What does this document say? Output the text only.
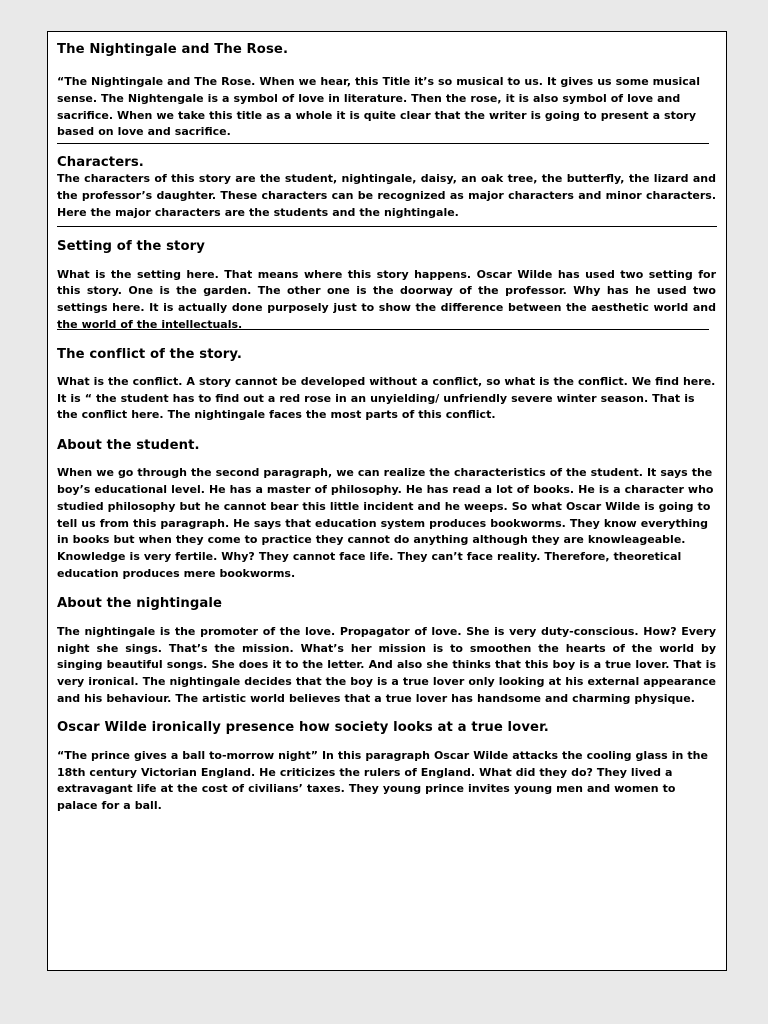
The Nightingale and The Rose.

“The Nightingale and The Rose. When we hear, this Title it’s so musical to us. It gives us some musical sense. The Nightengale is a symbol of love in literature. Then the rose, it is also symbol of love and sacrifice. When we take this title as a whole it is quite clear that the writer is going to present a story based on love and sacrifice.

Characters.

The characters of this story are the student, nightingale, daisy, an oak tree, the butterfly, the lizard and the professor’s daughter. These characters can be recognized as major characters and minor characters. Here the major characters are the students and the nightingale.

Setting of the story

What is the setting here. That means where this story happens. Oscar Wilde has used two setting for this story. One is the garden. The other one is the doorway of the professor. Why has he used two settings here. It is actually done purposely just to show the difference between the aesthetic world and the world of the intellectuals.

The conflict of the story.

What is the conflict. A story cannot be developed without a conflict, so what is the conflict. We find here. It is “ the student has to find out a red rose in an unyielding/ unfriendly severe winter season. That is the conflict here. The nightingale faces the most parts of this conflict.

About the student.

When we go through the second paragraph, we can realize the characteristics of the student. It says the boy’s educational level. He has a master of philosophy. He has read a lot of books. He is a character who studied philosophy but he cannot bear this little incident and he weeps. So what Oscar Wilde is going to tell us from this paragraph. He says that education system produces bookworms. They know everything in books but when they come to practice they cannot do anything although they are knowleageable. Knowledge is very fertile. Why? They cannot face life. They can’t face reality. Therefore, theoretical education produces mere bookworms.

About the nightingale

The nightingale is the promoter of the love. Propagator of love. She is very duty-conscious. How? Every night she sings. That’s the mission. What’s her mission is to smoothen the hearts of the world by singing beautiful songs. She does it to the letter. And also she thinks that this boy is a true lover. That is very ironical. The nightingale decides that the boy is a true lover only looking at his external appearance and his behaviour. The artistic world believes that a true lover has handsome and charming physique.

Oscar Wilde ironically presence how society looks at a true lover.

“The prince gives a ball to-morrow night” In this paragraph Oscar Wilde attacks the cooling glass in the 18th century Victorian England. He criticizes the rulers of England. What did they do? They lived a extravagant life at the cost of civilians’ taxes. They young prince invites young men and women to palace for a ball.
